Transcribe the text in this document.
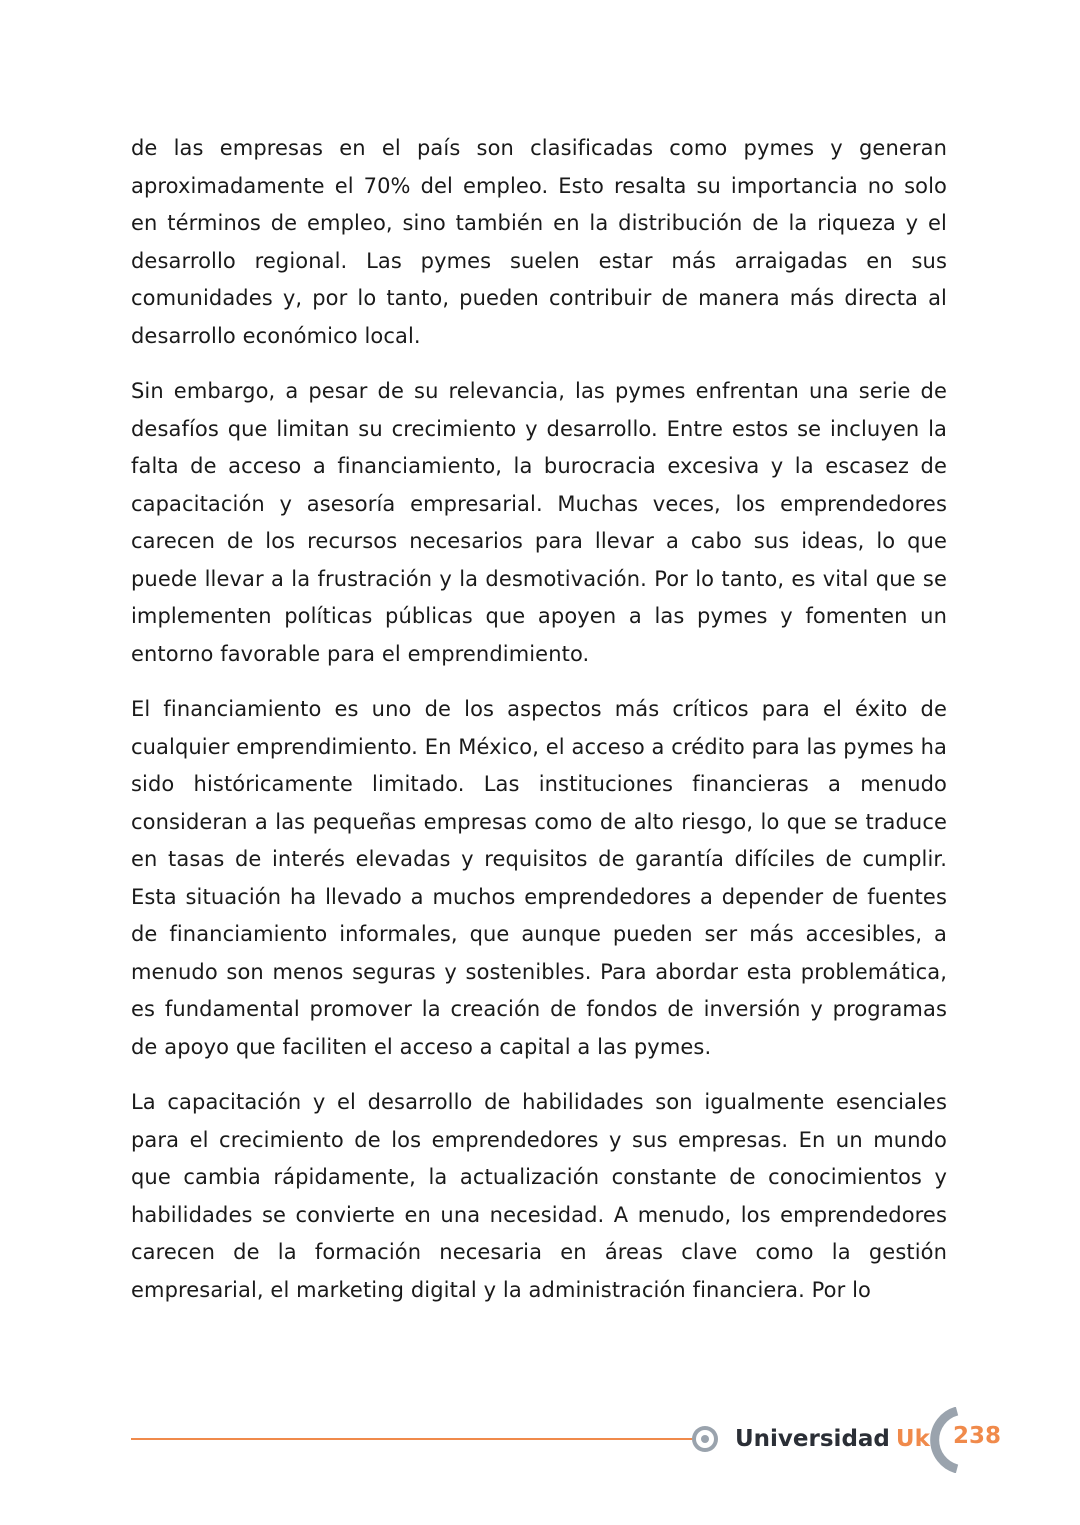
de las empresas en el país son clasificadas como pymes y generan aproximadamente el 70% del empleo. Esto resalta su importancia no solo en términos de empleo, sino también en la distribución de la riqueza y el desarrollo regional. Las pymes suelen estar más arraigadas en sus comunidades y, por lo tanto, pueden contribuir de manera más directa al desarrollo económico local.

Sin embargo, a pesar de su relevancia, las pymes enfrentan una serie de desafíos que limitan su crecimiento y desarrollo. Entre estos se incluyen la falta de acceso a financiamiento, la burocracia excesiva y la escasez de capacitación y asesoría empresarial. Muchas veces, los emprendedores carecen de los recursos necesarios para llevar a cabo sus ideas, lo que puede llevar a la frustración y la desmotivación. Por lo tanto, es vital que se implementen políticas públicas que apoyen a las pymes y fomenten un entorno favorable para el emprendimiento.

El financiamiento es uno de los aspectos más críticos para el éxito de cualquier emprendimiento. En México, el acceso a crédito para las pymes ha sido históricamente limitado. Las instituciones financieras a menudo consideran a las pequeñas empresas como de alto riesgo, lo que se traduce en tasas de interés elevadas y requisitos de garantía difíciles de cumplir. Esta situación ha llevado a muchos emprendedores a depender de fuentes de financiamiento informales, que aunque pueden ser más accesibles, a menudo son menos seguras y sostenibles. Para abordar esta problemática, es fundamental promover la creación de fondos de inversión y programas de apoyo que faciliten el acceso a capital a las pymes.

La capacitación y el desarrollo de habilidades son igualmente esenciales para el crecimiento de los emprendedores y sus empresas. En un mundo que cambia rápidamente, la actualización constante de conocimientos y habilidades se convierte en una necesidad. A menudo, los emprendedores carecen de la formación necesaria en áreas clave como la gestión empresarial, el marketing digital y la administración financiera. Por lo

Universidad Uk 238
